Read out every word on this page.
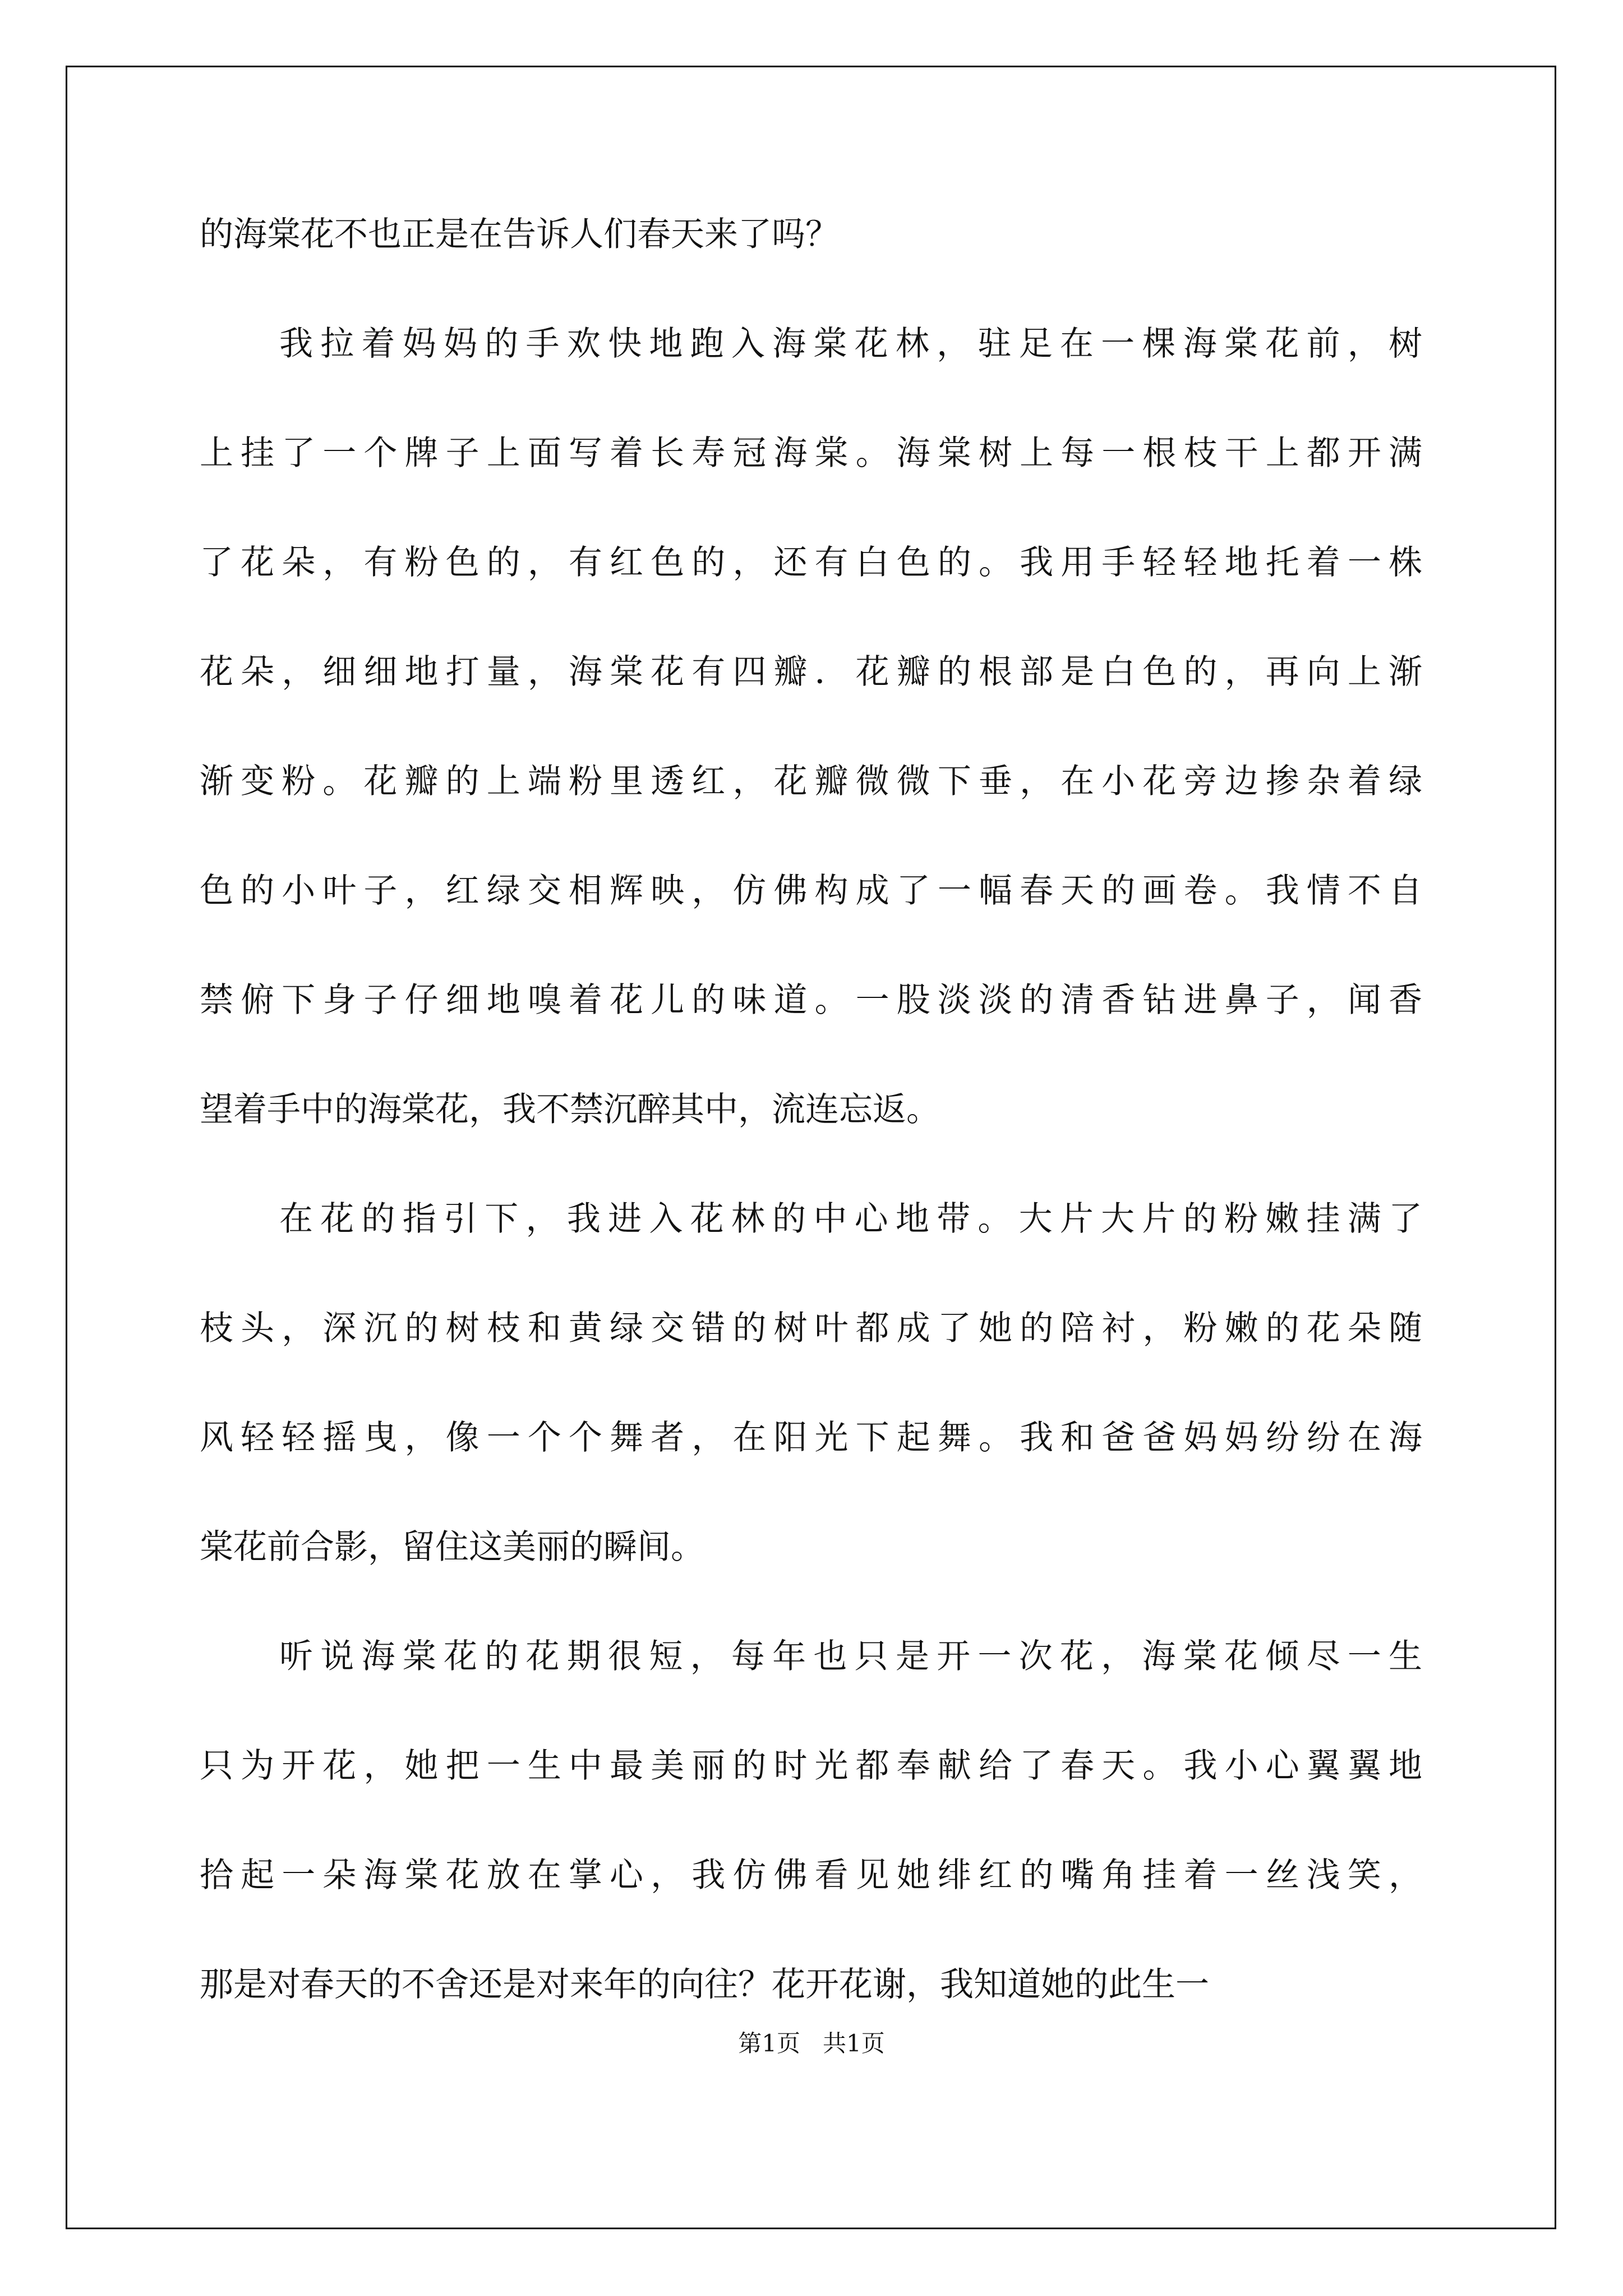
的海棠花不也正是在告诉人们春天来了吗？
我拉着妈妈的手欢快地跑入海棠花林，驻足在一棵海棠花前，树
上挂了一个牌子上面写着长寿冠海棠。海棠树上每一根枝干上都开满
了花朵，有粉色的，有红色的，还有白色的。我用手轻轻地托着一株
花朵，细细地打量，海棠花有四瓣．花瓣的根部是白色的，再向上渐
渐变粉。花瓣的上端粉里透红，花瓣微微下垂，在小花旁边掺杂着绿
色的小叶子，红绿交相辉映，仿佛构成了一幅春天的画卷。我情不自
禁俯下身子仔细地嗅着花儿的味道。一股淡淡的清香钻进鼻子，闻香
望着手中的海棠花，我不禁沉醉其中，流连忘返。
在花的指引下，我进入花林的中心地带。大片大片的粉嫩挂满了
枝头，深沉的树枝和黄绿交错的树叶都成了她的陪衬，粉嫩的花朵随
风轻轻摇曳，像一个个舞者，在阳光下起舞。我和爸爸妈妈纷纷在海
棠花前合影，留住这美丽的瞬间。
听说海棠花的花期很短，每年也只是开一次花，海棠花倾尽一生
只为开花，她把一生中最美丽的时光都奉献给了春天。我小心翼翼地
拾起一朵海棠花放在掌心，我仿佛看见她绯红的嘴角挂着一丝浅笑，
那是对春天的不舍还是对来年的向往？花开花谢，我知道她的此生一
第1页 共1页
